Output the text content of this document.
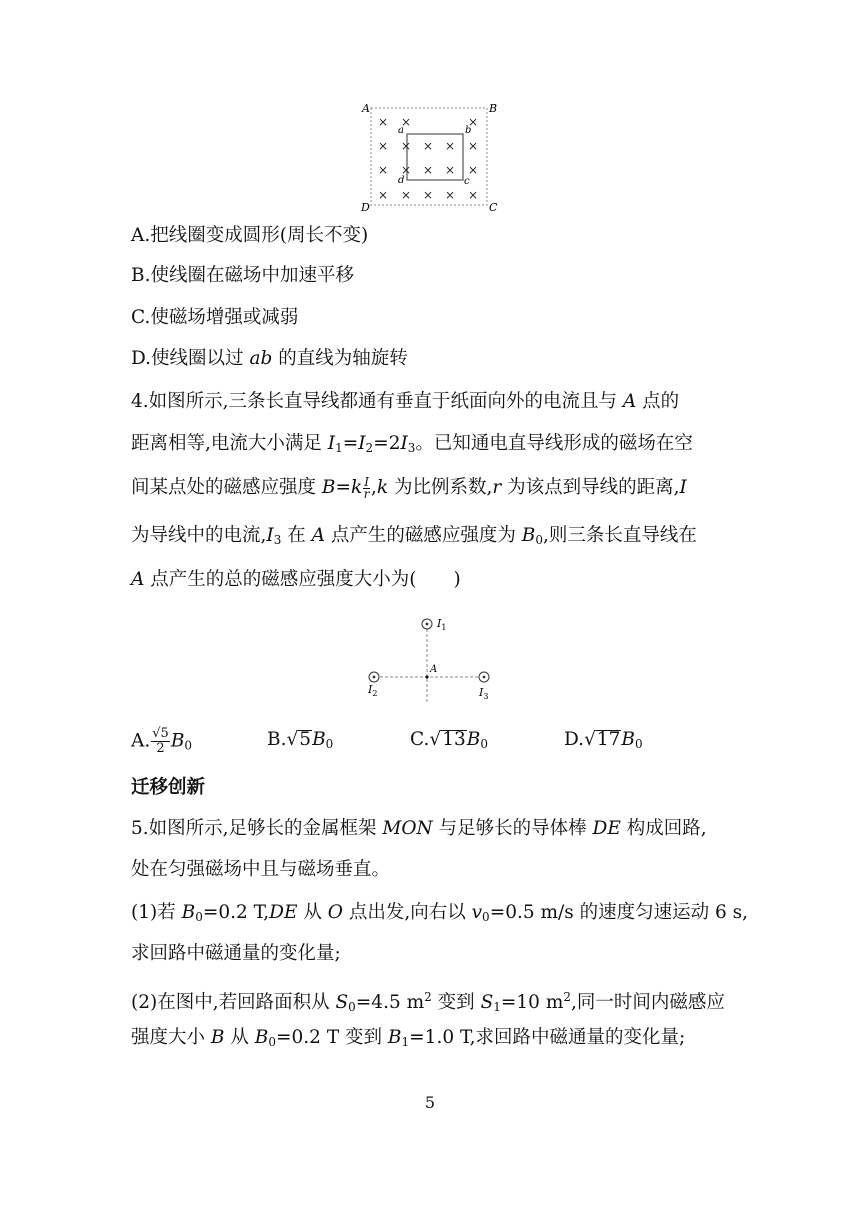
× ×	×
× × × × ×
× × × × ×
× × × × ×
A	B
C
D
a	b
c
d
A.把线圈变成圆形(周长不变)
B.使线圈在磁场中加速平移
C.使磁场增强或减弱
D.使线圈以过 ab 的直线为轴旋转
4.如图所示,三条长直导线都通有垂直于纸面向外的电流且与 A 点的
距离相等,电流大小满足 $I_1=I_2=2I_3$。已知通电直导线形成的磁场在空
间某点处的磁感应强度 $B=k \frac{I}{r} ,k$ 为比例系数,r 为该点到导线的距离,I
为导线中的电流$,I_3$ 在 A 点产生的磁感应强度为 $B_0$,则三条长直导线在
A 点产生的总的磁感应强度大小为(　　)
$I_1$
$I_2$	$I_3$
A
A. $\frac{√5}{2} B_0$	$B.√5B_0$	$C.√13B_0$	$D.√17B_0$
迁移创新
5.如图所示,足够长的金属框架 MON 与足够长的导体棒 DE 构成回路,
处在匀强磁场中且与磁场垂直。
(1)若 $B_0=0.2$ T,DE 从 O 点出发,向右以 $v_0=0.5$ m/s 的速度匀速运动 6 s,
求回路中磁通量的变化量;
(2)在图中,若回路面积从 $S_0=4.5$ $m^2$ 变到 $S_1=10$ $m^2$,同一时间内磁感应
强度大小 B 从 $B_0=0.2$ T 变到 $B_1=1.0$ T,求回路中磁通量的变化量;
5
